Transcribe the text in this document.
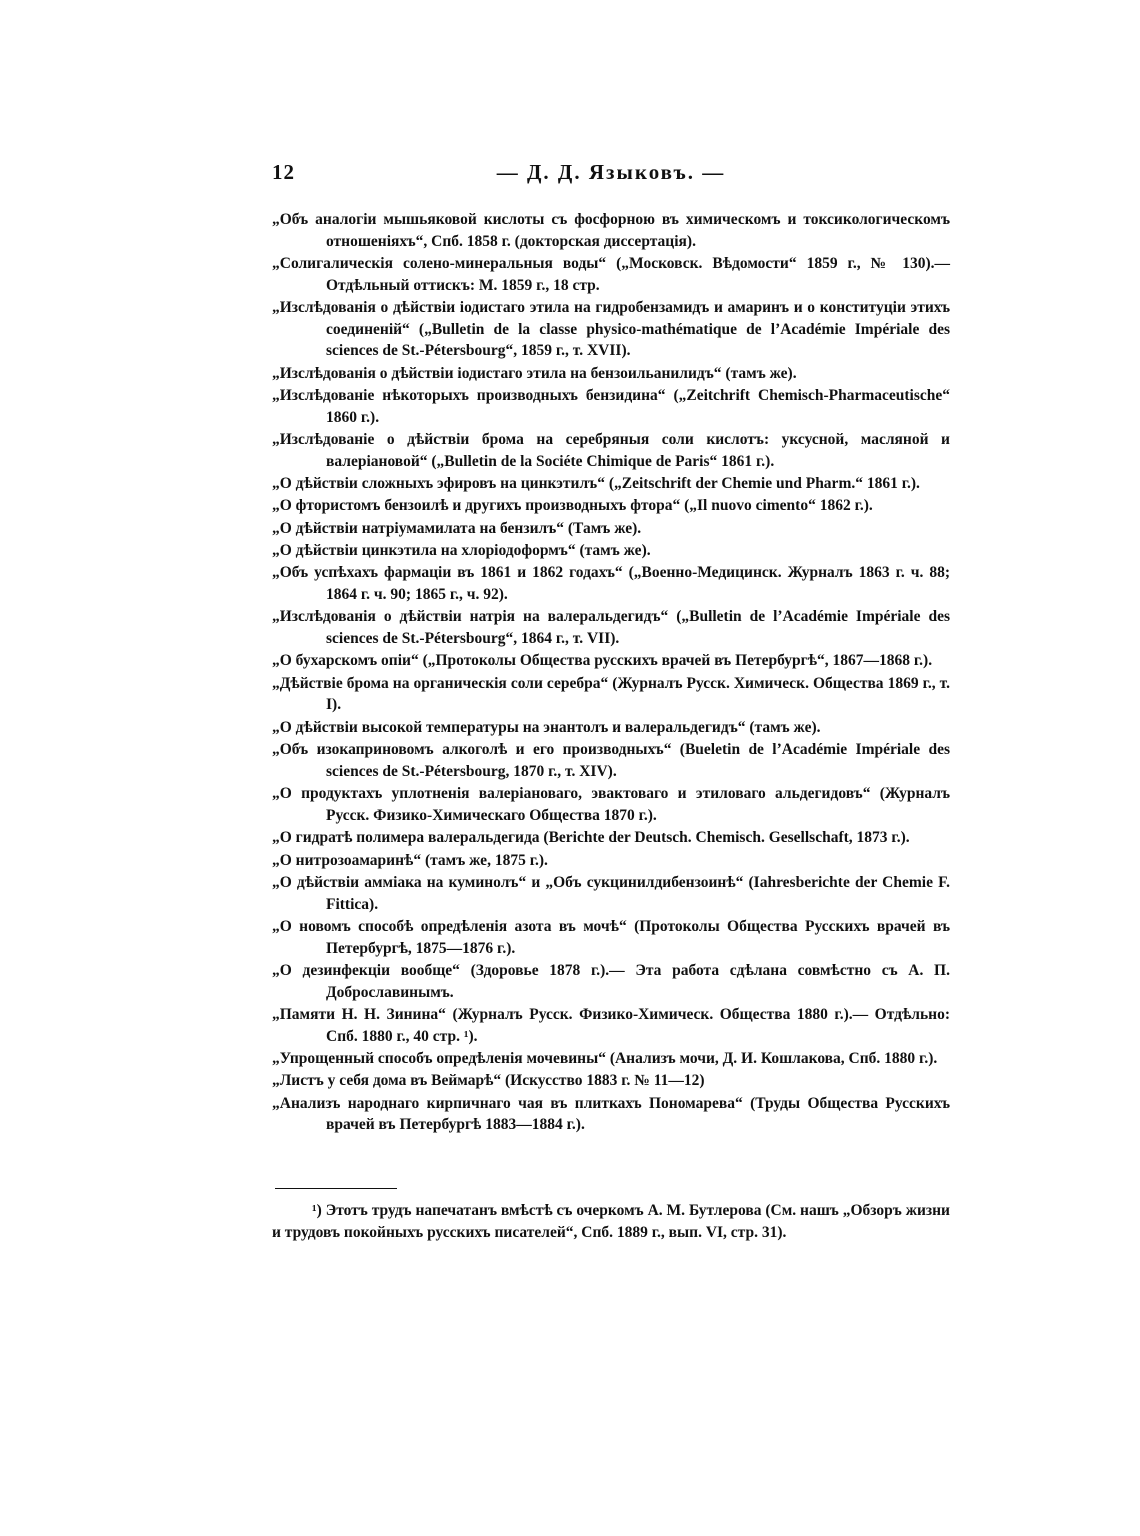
12	— Д. Д. Языковъ. —

„Объ аналогіи мышьяковой кислоты съ фосфорною въ химическомъ и токсикологическомъ отношеніяхъ“, Спб. 1858 г. (докторская диссертація).

„Солигалическія солено-минеральныя воды“ („Московск. Вѣдомости“ 1859 г., № 130).—Отдѣльный оттискъ: М. 1859 г., 18 стр.

„Изслѣдованія о дѣйствіи іодистаго этила на гидробензамидъ и амаринъ и о конституціи этихъ соединеній“ („Bulletin de la classe physico-mathématique de l’Académie Impériale des sciences de St.-Pétersbourg“, 1859 г., т. XVII).

„Изслѣдованія о дѣйствіи іодистаго этила на бензоильанилидъ“ (тамъ же).

„Изслѣдованіе нѣкоторыхъ производныхъ бензидина“ („Zeitchrift Chemisch-Pharmaceutische“ 1860 г.).

„Изслѣдованіе о дѣйствіи брома на серебряныя соли кислотъ: уксусной, масляной и валеріановой“ („Bulletin de la Sociéte Chimique de Paris“ 1861 г.).

„О дѣйствіи сложныхъ эфировъ на цинкэтилъ“ („Zeitschrift der Chemie und Pharm.“ 1861 г.).

„О фтористомъ бензоилѣ и другихъ производныхъ фтора“ („Il nuovo cimento“ 1862 г.).

„О дѣйствіи натріумамилата на бензилъ“ (Тамъ же).

„О дѣйствіи цинкэтила на хлоріодоформъ“ (тамъ же).

„Объ успѣхахъ фармаціи въ 1861 и 1862 годахъ“ („Военно-Медицинск. Журналъ 1863 г. ч. 88; 1864 г. ч. 90; 1865 г., ч. 92).

„Изслѣдованія о дѣйствіи натрія на валеральдегидъ“ („Bulletin de l’Académie Impériale des sciences de St.-Pétersbourg“, 1864 г., т. VII).

„О бухарскомъ опіи“ („Протоколы Общества русскихъ врачей въ Петербургѣ“, 1867—1868 г.).

„Дѣйствіе брома на органическія соли серебра“ (Журналъ Русск. Химическ. Общества 1869 г., т. I).

„О дѣйствіи высокой температуры на энантолъ и валеральдегидъ“ (тамъ же).

„Объ изокаприновомъ алкоголѣ и его производныхъ“ (Bueletin de l’Académie Impériale des sciences de St.-Pétersbourg, 1870 г., т. XIV).

„О продуктахъ уплотненія валеріановаго, эвактоваго и этиловаго альдегидовъ“ (Журналъ Русск. Физико-Химическаго Общества 1870 г.).

„О гидратѣ полимера валеральдегида (Berichte der Deutsch. Chemisch. Gesellschaft, 1873 г.).

„О нитрозоамаринѣ“ (тамъ же, 1875 г.).

„О дѣйствіи аммiака на куминолъ“ и „Объ сукцинилдибензоинѣ“ (Iahresberichte der Chemie F. Fittica).

„О новомъ способѣ опредѣленія азота въ мочѣ“ (Протоколы Общества Русскихъ врачей въ Петербургѣ, 1875—1876 г.).

„О дезинфекціи вообще“ (Здоровье 1878 г.).— Эта работа сдѣлана совмѣстно съ А. П. Доброславинымъ.

„Памяти Н. Н. Зинина“ (Журналъ Русск. Физико-Химическ. Общества 1880 г.).— Отдѣльно: Спб. 1880 г., 40 стр. ¹).

„Упрощенный способъ опредѣленія мочевины“ (Анализъ мочи, Д. И. Кошлакова, Спб. 1880 г.).

„Листъ у себя дома въ Веймарѣ“ (Искусство 1883 г. № 11—12)

„Анализъ народнаго кирпичнаго чая въ плиткахъ Пономарева“ (Труды Общества Русскихъ врачей въ Петербургѣ 1883—1884 г.).

¹) Этотъ трудъ напечатанъ вмѣстѣ съ очеркомъ А. М. Бутлерова (См. нашъ „Обзоръ жизни и трудовъ покойныхъ русскихъ писателей“, Спб. 1889 г., вып. VI, стр. 31).
